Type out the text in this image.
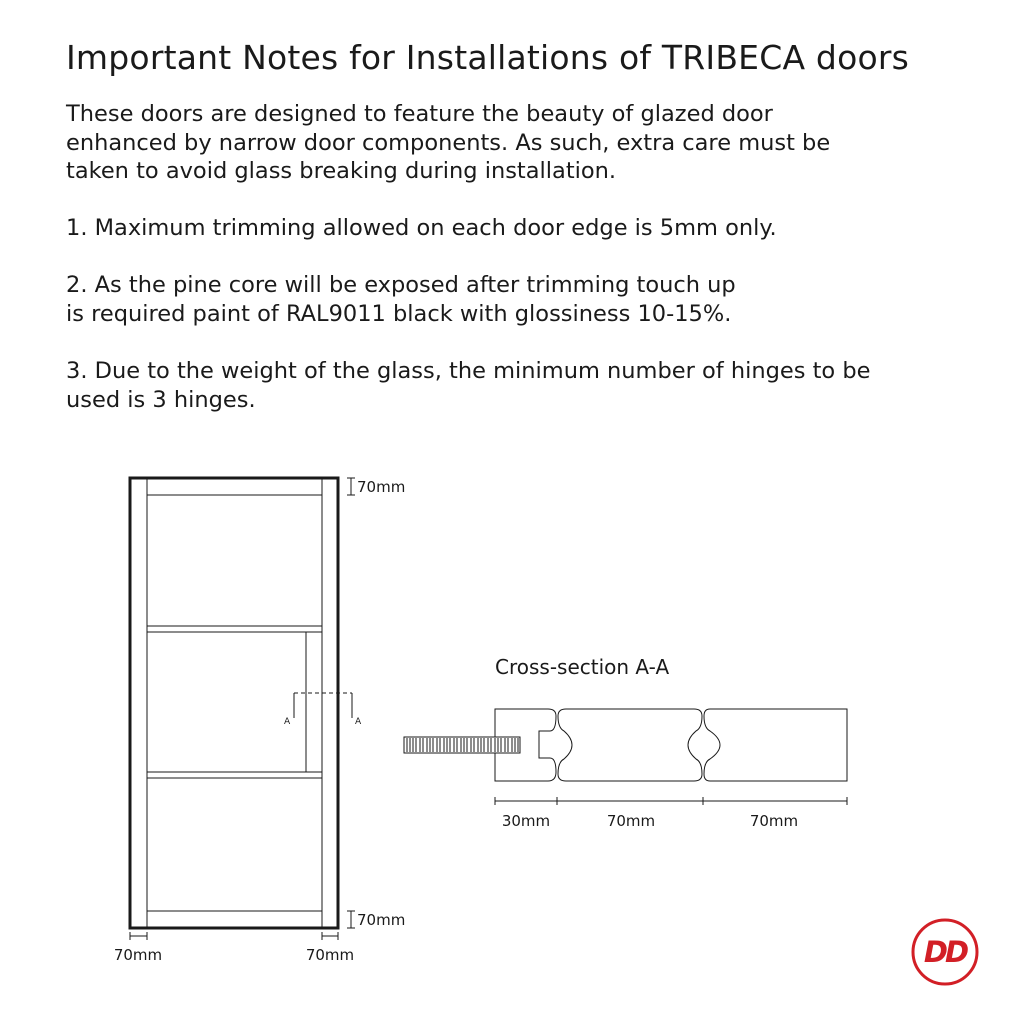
Important Notes for Installations of TRIBECA doors

These doors are designed to feature the beauty of glazed door
enhanced by narrow door components. As such, extra care must be
taken to avoid glass breaking during installation.

1. Maximum trimming allowed on each door edge is 5mm only.

2. As the pine core will be exposed after trimming touch up
is required paint of RAL9011 black with glossiness 10-15%.

3. Due to the weight of the glass, the minimum number of hinges to be
used is 3 hinges.

A	A
70mm
70mm
70mm	70mm
Cross-section A-A
30mm	70mm	70mm
DD
